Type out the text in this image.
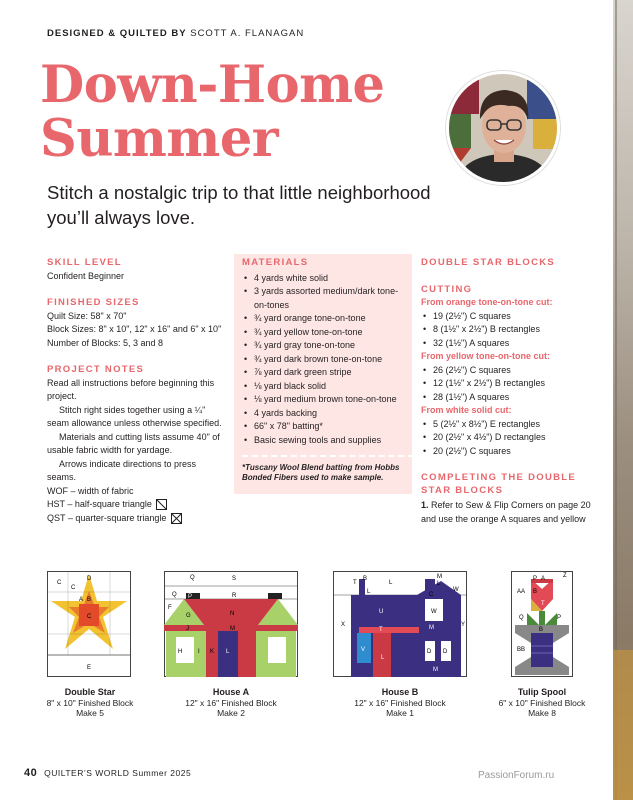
DESIGNED & QUILTED BY SCOTT A. FLANAGAN
Down-Home
Summer
Stitch a nostalgic trip to that little neighborhood
you’ll always love.
SKILL LEVEL
Confident Beginner
FINISHED SIZES
Quilt Size: 58" x 70"
Block Sizes: 8" x 10", 12" x 16" and 6" x 10"
Number of Blocks: 5, 3 and 8
PROJECT NOTES
Read all instructions before beginning this project.
Stitch right sides together using a ¼" seam allowance unless otherwise specified.
Materials and cutting lists assume 40" of usable fabric width for yardage.
Arrows indicate directions to press seams.
WOF – width of fabric
HST – half-square triangle
QST – quarter-square triangle
MATERIALS
• 4 yards white solid
• 3 yards assorted medium/dark tone-on-tones
• ¾ yard orange tone-on-tone
• ¾ yard yellow tone-on-tone
• ¾ yard gray tone-on-tone
• ¾ yard dark brown tone-on-tone
• ⅞ yard dark green stripe
• ⅛ yard black solid
• ⅛ yard medium brown tone-on-tone
• 4 yards backing
• 66" x 78" batting*
• Basic sewing tools and supplies
*Tuscany Wool Blend batting from Hobbs Bonded Fibers used to make sample.
DOUBLE STAR BLOCKS
CUTTING
From orange tone-on-tone cut:
• 19 (2½") C squares
• 8 (1½" x 2½") B rectangles
• 32 (1½") A squares
From yellow tone-on-tone cut:
• 26 (2½") C squares
• 12 (1½" x 2½") B rectangles
• 28 (1½") A squares
From white solid cut:
• 5 (2½" x 8½") E rectangles
• 20 (2½" x 4½") D rectangles
• 20 (2½") C squares
COMPLETING THE DOUBLE STAR BLOCKS
1. Refer to Sew & Flip Corners on page 20 and use the orange A squares and yellow
C
D
C
A B
C
E
Q	S
Q P	R
F
G	N
J	M
H	I K L
T
B
L
M
L
L	C
W
U	W
X
T	M	Y
V
L
D D
M
Z
P A
AA B
T
Q	P
B
BB
Double Star
8" x 10" Finished Block
Make 5
House A
12" x 16" Finished Block
Make 2
House B
12" x 16" Finished Block
Make 1
Tulip Spool
6" x 10" Finished Block
Make 8
40 QUILTER’S WORLD Summer 2025	PassionForum.ru
